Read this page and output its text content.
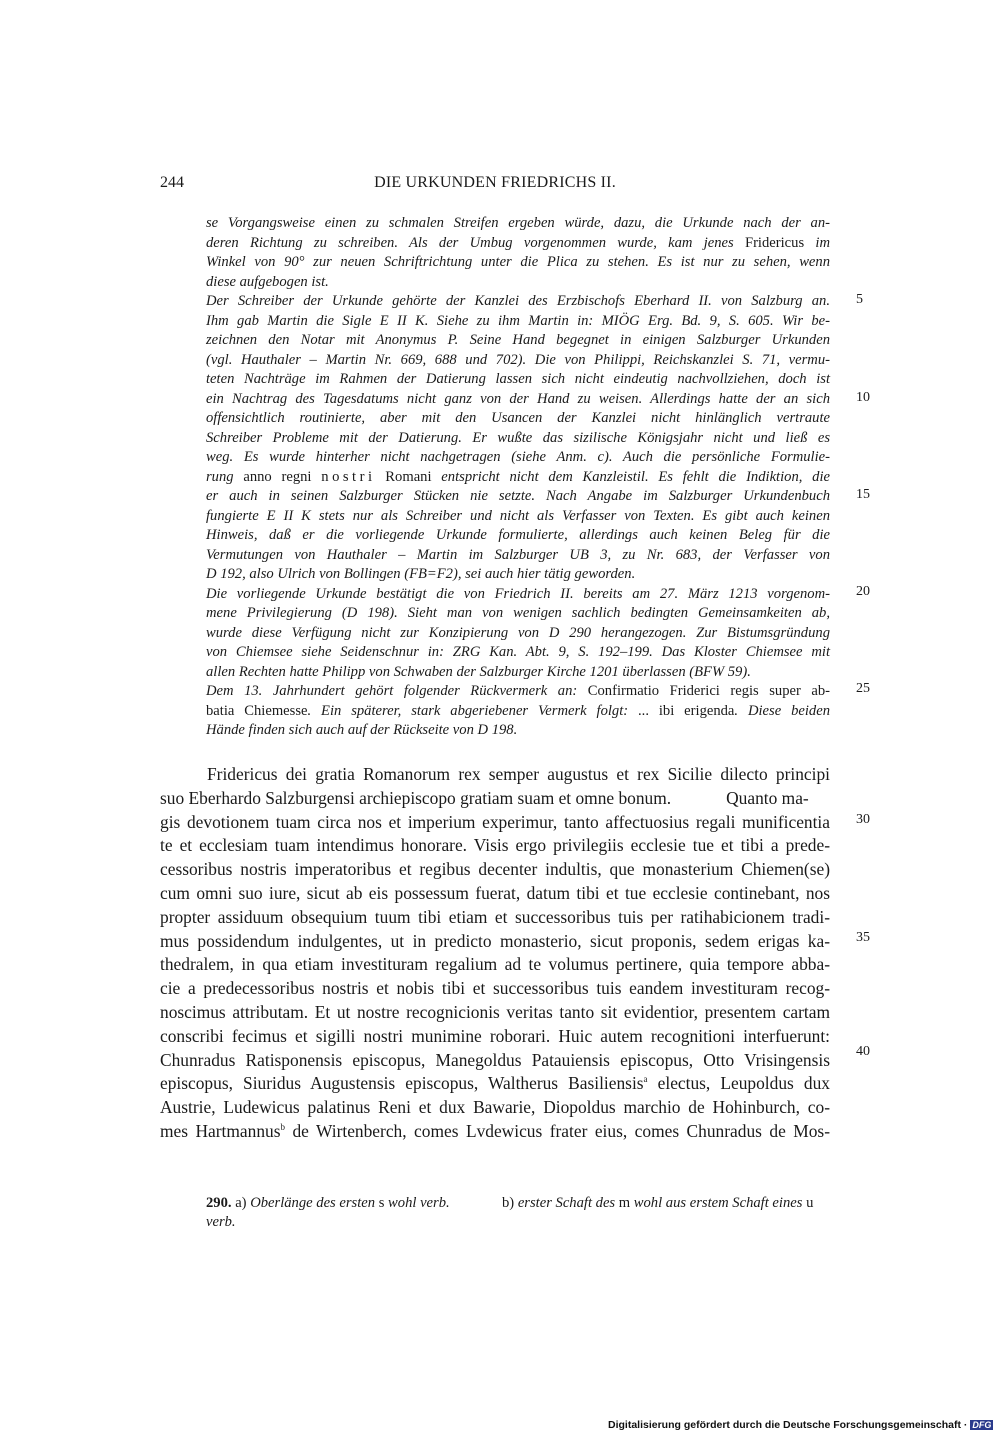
244	DIE URKUNDEN FRIEDRICHS II.
5
10
15
20
25
30
35
40
se Vorgangsweise einen zu schmalen Streifen ergeben würde, dazu, die Urkunde nach der an-
deren Richtung zu schreiben. Als der Umbug vorgenommen wurde, kam jenes Fridericus im
Winkel von 90° zur neuen Schriftrichtung unter die Plica zu stehen. Es ist nur zu sehen, wenn
diese aufgebogen ist.
Der Schreiber der Urkunde gehörte der Kanzlei des Erzbischofs Eberhard II. von Salzburg an.
Ihm gab Martin die Sigle E II K. Siehe zu ihm Martin in: MIÖG Erg. Bd. 9, S. 605. Wir be-
zeichnen den Notar mit Anonymus P. Seine Hand begegnet in einigen Salzburger Urkunden
(vgl. Hauthaler – Martin Nr. 669, 688 und 702). Die von Philippi, Reichskanzlei S. 71, vermu-
teten Nachträge im Rahmen der Datierung lassen sich nicht eindeutig nachvollziehen, doch ist
ein Nachtrag des Tagesdatums nicht ganz von der Hand zu weisen. Allerdings hatte der an sich
offensichtlich routinierte, aber mit den Usancen der Kanzlei nicht hinlänglich vertraute
Schreiber Probleme mit der Datierung. Er wußte das sizilische Königsjahr nicht und ließ es
weg. Es wurde hinterher nicht nachgetragen (siehe Anm. c). Auch die persönliche Formulie-
rung anno regni nostri Romani entspricht nicht dem Kanzleistil. Es fehlt die Indiktion, die
er auch in seinen Salzburger Stücken nie setzte. Nach Angabe im Salzburger Urkundenbuch
fungierte E II K stets nur als Schreiber und nicht als Verfasser von Texten. Es gibt auch keinen
Hinweis, daß er die vorliegende Urkunde formulierte, allerdings auch keinen Beleg für die
Vermutungen von Hauthaler – Martin im Salzburger UB 3, zu Nr. 683, der Verfasser von
D 192, also Ulrich von Bollingen (FB=F2), sei auch hier tätig geworden.
Die vorliegende Urkunde bestätigt die von Friedrich II. bereits am 27. März 1213 vorgenom-
mene Privilegierung (D 198). Sieht man von wenigen sachlich bedingten Gemeinsamkeiten ab,
wurde diese Verfügung nicht zur Konzipierung von D 290 herangezogen. Zur Bistumsgründung
von Chiemsee siehe Seidenschnur in: ZRG Kan. Abt. 9, S. 192–199. Das Kloster Chiemsee mit
allen Rechten hatte Philipp von Schwaben der Salzburger Kirche 1201 überlassen (BFW 59).
Dem 13. Jahrhundert gehört folgender Rückvermerk an: Confirmatio Friderici regis super ab-
batia Chiemesse. Ein späterer, stark abgeriebener Vermerk folgt: ... ibi erigenda. Diese beiden
Hände finden sich auch auf der Rückseite von D 198.
Fridericus dei gratia Romanorum rex semper augustus et rex Sicilie dilecto principi
suo Eberhardo Salzburgensi archiepiscopo gratiam suam et omne bonum.	Quanto ma-
gis devotionem tuam circa nos et imperium experimur, tanto affectuosius regali munificentia
te et ecclesiam tuam intendimus honorare. Visis ergo privilegiis ecclesie tue et tibi a prede-
cessoribus nostris imperatoribus et regibus decenter indultis, que monasterium Chiemen(se)
cum omni suo iure, sicut ab eis possessum fuerat, datum tibi et tue ecclesie continebant, nos
propter assiduum obsequium tuum tibi etiam et successoribus tuis per ratihabicionem tradi-
mus possidendum indulgentes, ut in predicto monasterio, sicut proponis, sedem erigas ka-
thedralem, in qua etiam investituram regalium ad te volumus pertinere, quia tempore abba-
cie a predecessoribus nostris et nobis tibi et successoribus tuis eandem investituram recog-
noscimus attributam. Et ut nostre recognicionis veritas tanto sit evidentior, presentem cartam
conscribi fecimus et sigilli nostri munimine roborari. Huic autem recognitioni interfuerunt:
Chunradus Ratisponensis episcopus, Manegoldus Patauiensis episcopus, Otto Vrisingensis
episcopus, Siuridus Augustensis episcopus, Waltherus Basiliensis$^a$ electus, Leupoldus dux
Austrie, Ludewicus palatinus Reni et dux Bawarie, Diopoldus marchio de Hohinburch, co-
mes Hartmannus$^b$ de Wirtenberch, comes Lvdewicus frater eius, comes Chunradus de Mos-
290. a) Oberlänge des ersten s wohl verb.	b) erster Schaft des m wohl aus erstem Schaft eines u
verb.
Digitalisierung gefördert durch die Deutsche Forschungsgemeinschaft · DFG
